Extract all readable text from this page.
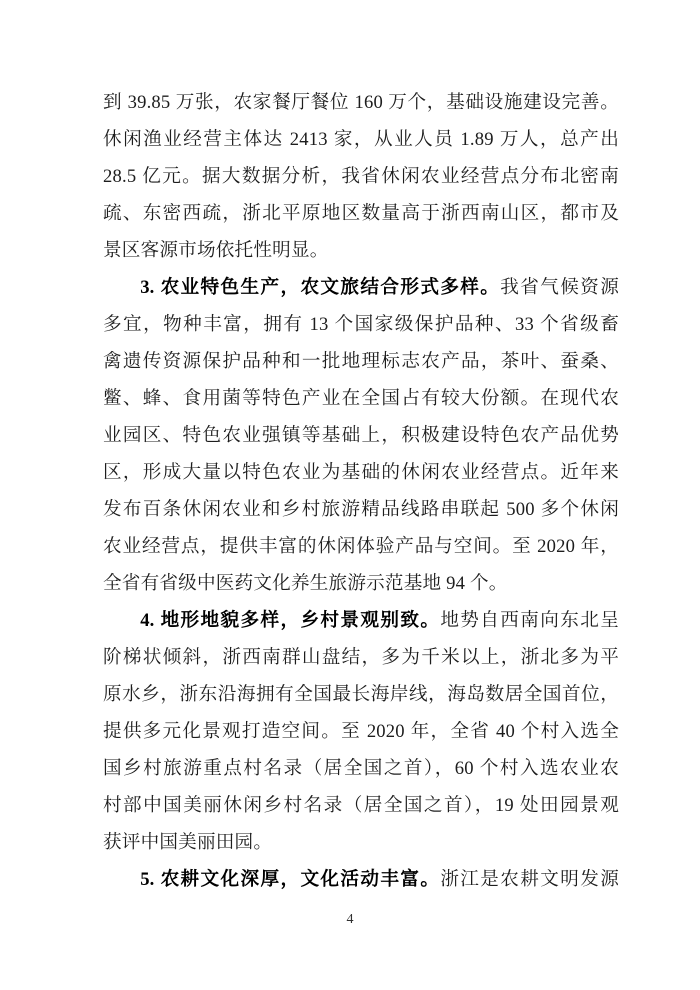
到 39.85 万张，农家餐厅餐位 160 万个，基础设施建设完善。
休闲渔业经营主体达 2413 家，从业人员 1.89 万人，总产出
28.5 亿元。据大数据分析，我省休闲农业经营点分布北密南
疏、东密西疏，浙北平原地区数量高于浙西南山区，都市及
景区客源市场依托性明显。
3. 农业特色生产，农文旅结合形式多样。我省气候资源
多宜，物种丰富，拥有 13 个国家级保护品种、33 个省级畜
禽遗传资源保护品种和一批地理标志农产品，茶叶、蚕桑、
鳖、蜂、食用菌等特色产业在全国占有较大份额。在现代农
业园区、特色农业强镇等基础上，积极建设特色农产品优势
区，形成大量以特色农业为基础的休闲农业经营点。近年来
发布百条休闲农业和乡村旅游精品线路串联起 500 多个休闲
农业经营点，提供丰富的休闲体验产品与空间。至 2020 年，
全省有省级中医药文化养生旅游示范基地 94 个。
4. 地形地貌多样，乡村景观别致。地势自西南向东北呈
阶梯状倾斜，浙西南群山盘结，多为千米以上，浙北多为平
原水乡，浙东沿海拥有全国最长海岸线，海岛数居全国首位，
提供多元化景观打造空间。至 2020 年，全省 40 个村入选全
国乡村旅游重点村名录（居全国之首），60 个村入选农业农
村部中国美丽休闲乡村名录（居全国之首），19 处田园景观
获评中国美丽田园。
5. 农耕文化深厚，文化活动丰富。浙江是农耕文明发源
4
